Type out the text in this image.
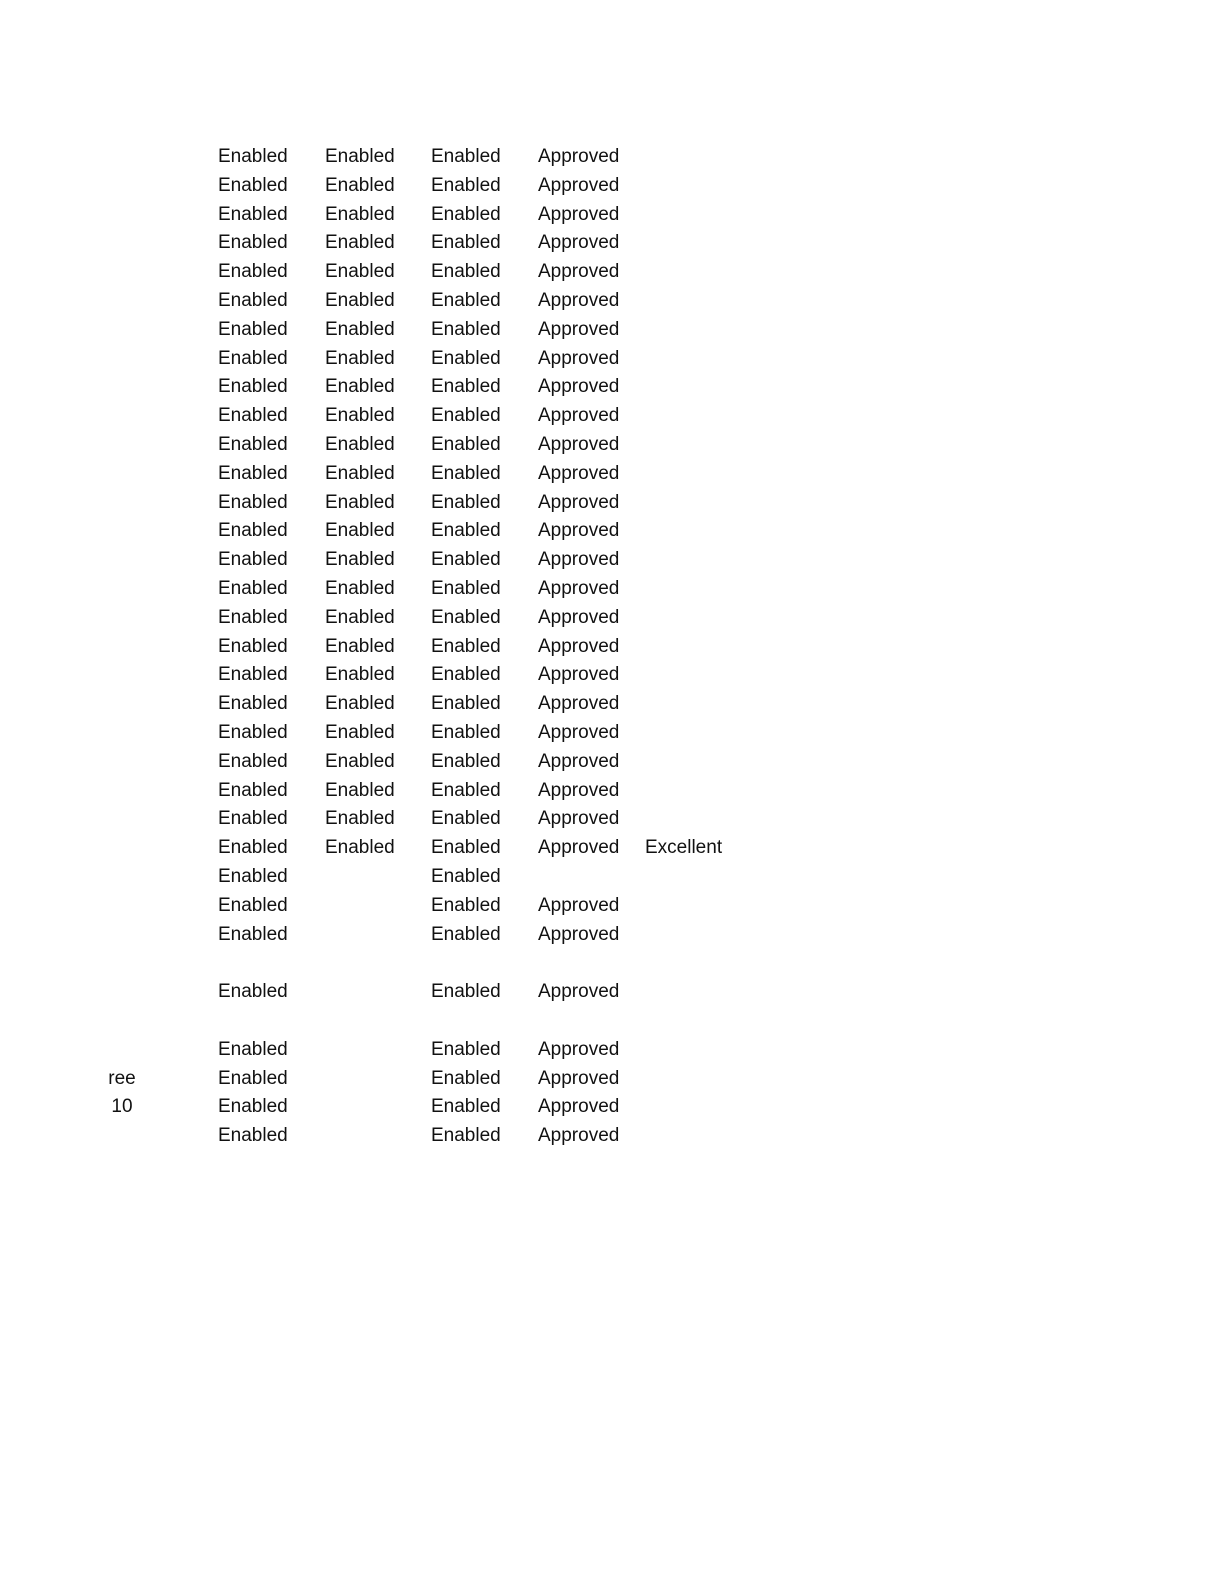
Enabled Enabled Enabled Approved
Enabled Enabled Enabled Approved
Enabled Enabled Enabled Approved
Enabled Enabled Enabled Approved
Enabled Enabled Enabled Approved
Enabled Enabled Enabled Approved
Enabled Enabled Enabled Approved
Enabled Enabled Enabled Approved
Enabled Enabled Enabled Approved
Enabled Enabled Enabled Approved
Enabled Enabled Enabled Approved
Enabled Enabled Enabled Approved
Enabled Enabled Enabled Approved
Enabled Enabled Enabled Approved
Enabled Enabled Enabled Approved
Enabled Enabled Enabled Approved
Enabled Enabled Enabled Approved
Enabled Enabled Enabled Approved
Enabled Enabled Enabled Approved
Enabled Enabled Enabled Approved
Enabled Enabled Enabled Approved
Enabled Enabled Enabled Approved
Enabled Enabled Enabled Approved
Enabled Enabled Enabled Approved
Enabled Enabled Enabled Approved Excellent
Enabled	Enabled
Enabled	Enabled Approved
Enabled	Enabled Approved
Enabled	Enabled Approved
Enabled	Enabled Approved
ree	Enabled	Enabled Approved
10	Enabled	Enabled Approved
Enabled	Enabled Approved
